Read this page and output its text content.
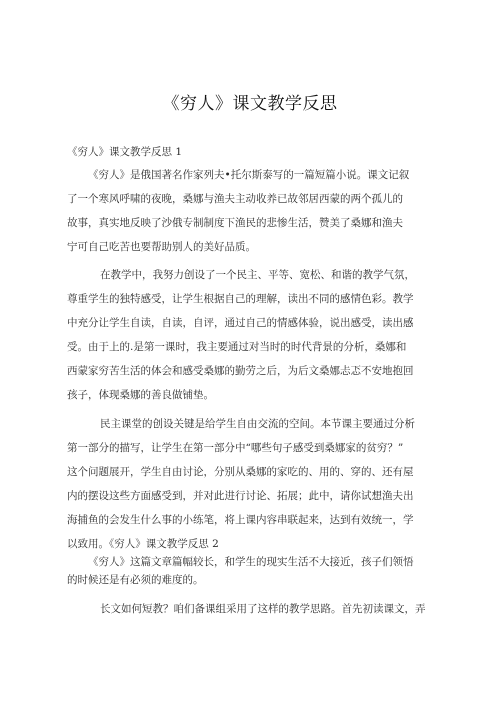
《穷人》课文教学反思
《穷人》课文教学反思 1
《穷人》是俄国著名作家列夫•托尔斯泰写的一篇短篇小说。课文记叙
了一个寒风呼啸的夜晚，桑娜与渔夫主动收养已故邻居西蒙的两个孤儿的
故事，真实地反映了沙俄专制制度下渔民的悲惨生活，赞美了桑娜和渔夫
宁可自己吃苦也要帮助别人的美好品质。
在教学中，我努力创设了一个民主、平等、宽松、和谐的教学气氛，
尊重学生的独特感受，让学生根据自己的理解，读出不同的感情色彩。教学
中充分让学生自读，自读，自评，通过自己的情感体验，说出感受，读出感
受。由于上的.是第一课时，我主要通过对当时的时代背景的分析，桑娜和
西蒙家穷苦生活的体会和感受桑娜的勤劳之后，为后文桑娜忐忑不安地抱回
孩子，体现桑娜的善良做铺垫。
民主课堂的创设关键是给学生自由交流的空间。本节课主要通过分析
第一部分的描写，让学生在第一部分中“哪些句子感受到桑娜家的贫穷？”
这个问题展开，学生自由讨论，分别从桑娜的家吃的、用的、穿的、还有屋
内的摆设这些方面感受到，并对此进行讨论、拓展；此中，请你试想渔夫出
海捕鱼的会发生什么事的小练笔，将上课内容串联起来，达到有效统一，学
以致用。《穷人》课文教学反思 2
《穷人》这篇文章篇幅较长，和学生的现实生活不大接近，孩子们领悟
的时候还是有必须的难度的。
长文如何短教？咱们备课组采用了这样的教学思路。首先初读课文，弄
